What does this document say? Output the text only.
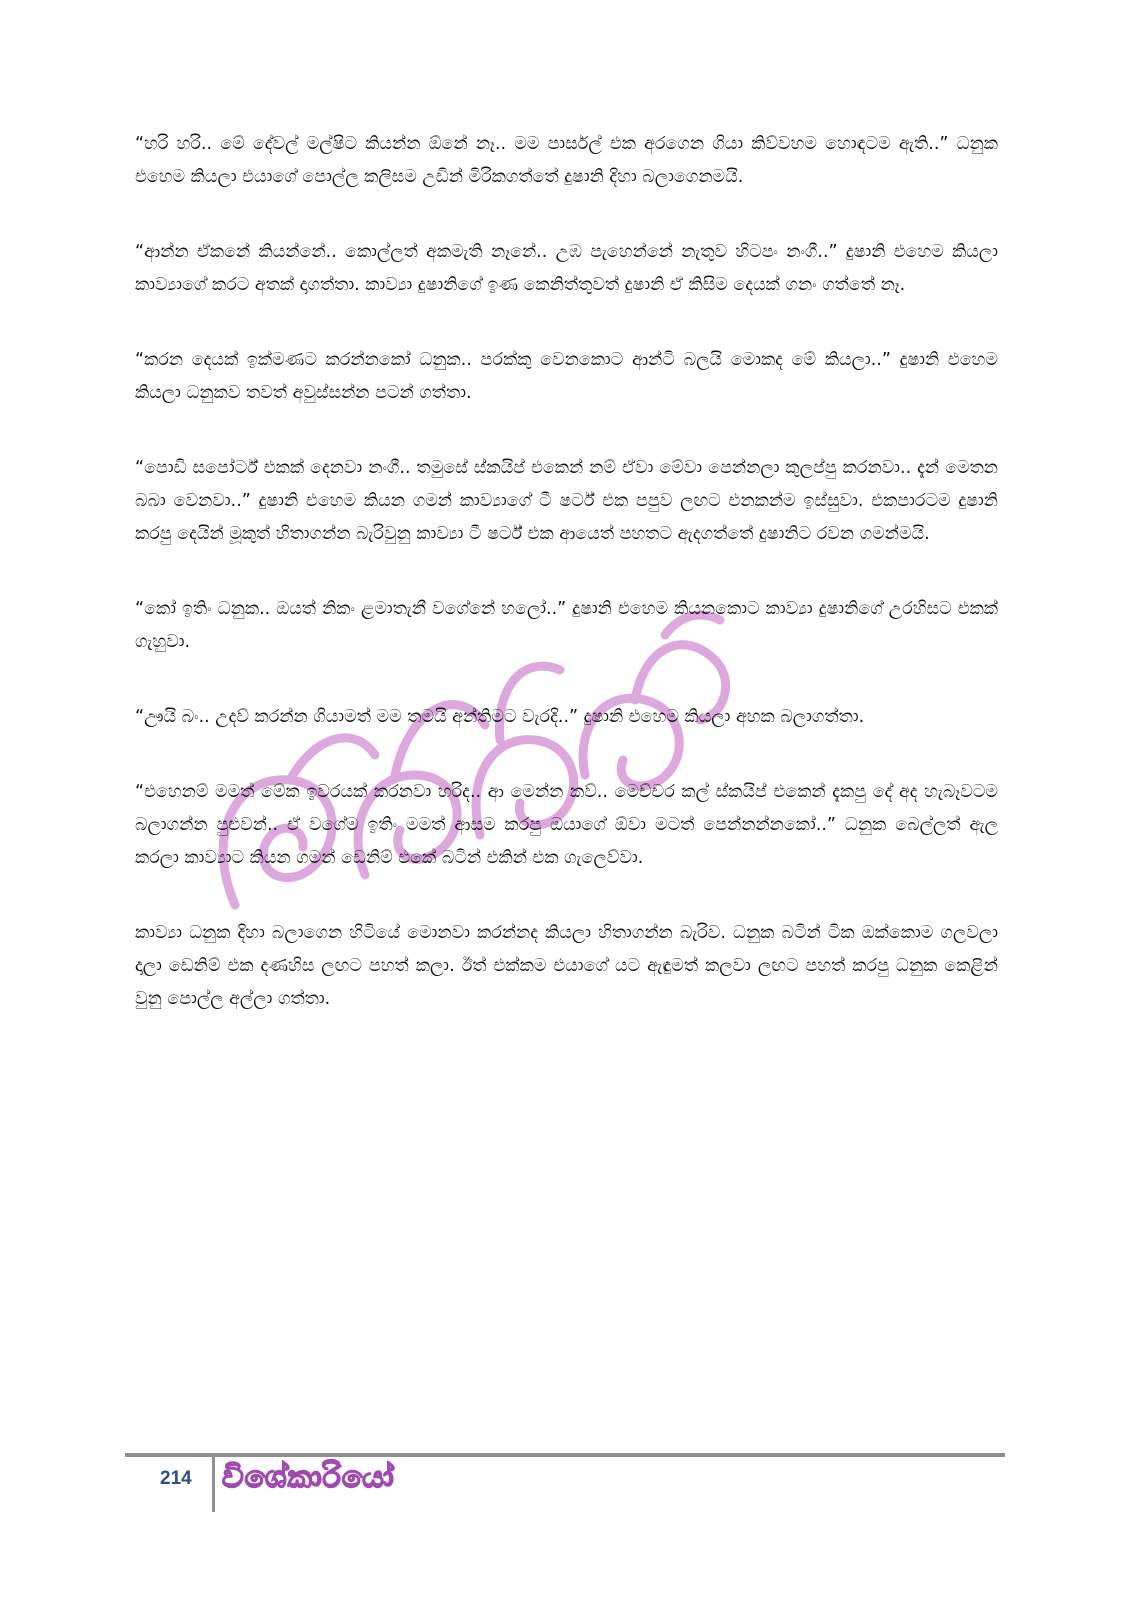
“හරි හරි.. මේ දේවල් මල්ෂිට කියන්න ඕනේ නෑ.. මම පාර්සල් එක අරගෙන ගියා කිව්වහම හොඳටම ඇති..” ධනුක එහෙම කියලා එයාගේ පොල්ල කලිසම උඩින් මිරිකගත්තේ දුෂානි දිහා බලාගෙනමයි.

“ආන්න ඒකනේ කියන්නේ.. කොල්ලත් අකමැති නෑනේ.. උඹ පැහෙන්නේ නැතුව හිටපං නංගී..” දුෂානි එහෙම කියලා කාව්‍යාගේ කරට අතක් දාගත්තා. කාව්‍යා දුෂානිගේ ඉණ කෙනිත්තුවත් දුෂානි ඒ කිසිම දෙයක් ගනං ගත්තේ නෑ.

“කරන දෙයක් ඉක්මණට කරන්නකෝ ධනුක.. පරක්කු වෙනකොට ආන්ටි බලයි මොකද මේ කියලා..” දුෂානි එහෙම කියලා ධනුකව තවත් අවුස්සන්න පටන් ගත්තා.

“පොඩි සපෝර්ට් එකක් දෙනවා නංගී.. තමුසේ ස්කයිප් එකෙන් නම් ඒවා මේවා පෙන්නලා කුලප්පු කරනවා.. දැන් මෙතන බබා වෙනවා..” දුෂානි එහෙම කියන ගමන් කාව්‍යාගේ ටී ෂර්ට් එක පපුව ලඟට එනකන්ම ඉස්සුවා. එකපාරටම දුෂානි කරපු දෙයින් මූකුත් හිතාගන්න බැරිවුනු කාව්‍යා ටී ෂර්ට් එක ආයෙත් පහතට ඇදගත්තේ දුෂානිට රවන ගමන්මයි.

“කෝ ඉතිං ධනුක.. ඔයත් නිකං ළමාතැනී වගේනේ හලෝ..” දුෂානි එහෙම කියනකොට කාව්‍යා දුෂානිගේ උරහිසට එකක් ගැහුවා.

“ඌයි බං.. උදව් කරන්න ගියාමත් මම තමයි අන්තිමට වැරදි..” දුෂානි එහෙම කියලා අහක බලාගත්තා.

“එහෙනම් මමත් මේක ඉවරයක් කරනවා හරිද.. ආ මෙන්න කව්.. මෙච්චර කල් ස්කයිප් එකෙන් දැකපු දේ අද හැබෑවටම බලාගන්න පුළුවන්.. ඒ වගේම ඉතිං මමත් ආසම කරපු ඔයාගේ ඕවා මටත් පෙන්නන්නකෝ..” ධනුක බෙල්ලත් ඇල කරලා කාව්‍යාට කියන ගමන් ඩෙනිම් එකේ බටින් එකින් එක ගැලෙව්වා.

කාව්‍යා ධනුක දිහා බලාගෙන හිටියේ මොනවා කරන්නද කියලා හිතාගන්න බැරිව. ධනුක බටින් ටික ඔක්කොම ගලවලා දාලා ඩෙනිම් එක දණහිස ලඟට පහත් කලා. ඊත් එක්කම එයාගේ යට ඇඳුමත් කලවා ලඟට පහත් කරපු ධනුක කෙළින් වුනු පොල්ල අල්ලා ගත්තා.

214 විශේකාරියෝ
